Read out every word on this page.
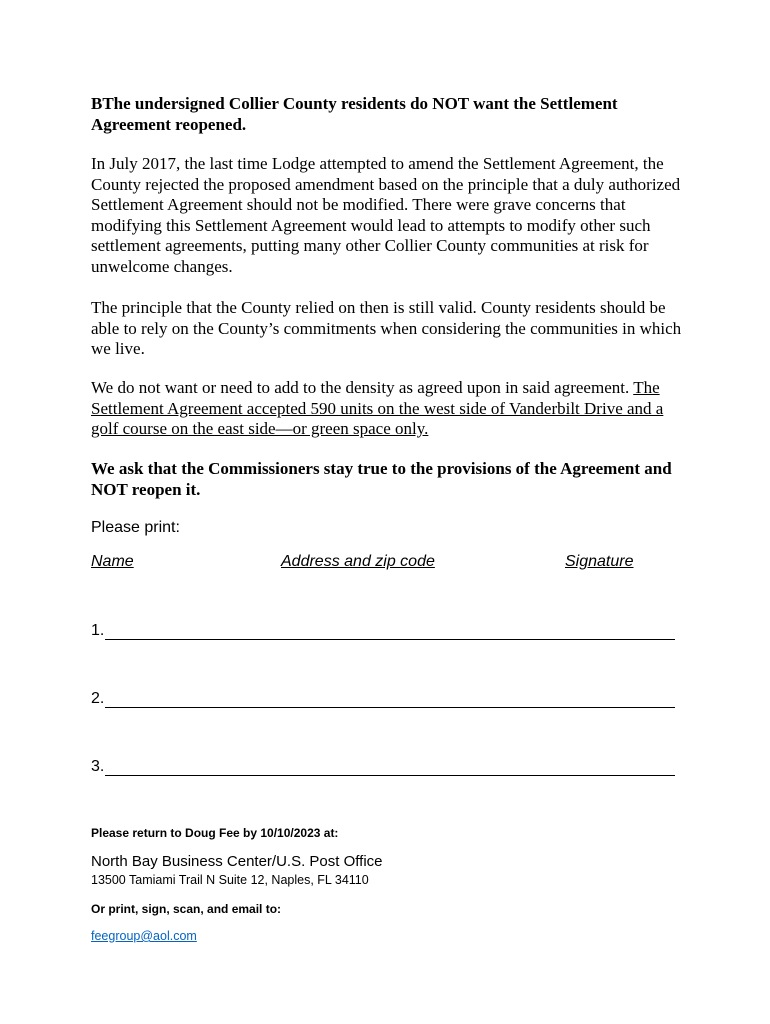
BThe undersigned Collier County residents do NOT want the Settlement Agreement reopened.

In July 2017, the last time Lodge attempted to amend the Settlement Agreement, the County rejected the proposed amendment based on the principle that a duly authorized Settlement Agreement should not be modified. There were grave concerns that modifying this Settlement Agreement would lead to attempts to modify other such settlement agreements, putting many other Collier County communities at risk for unwelcome changes.

The principle that the County relied on then is still valid. County residents should be able to rely on the County’s commitments when considering the communities in which we live.

We do not want or need to add to the density as agreed upon in said agreement. The Settlement Agreement accepted 590 units on the west side of Vanderbilt Drive and a golf course on the east side—or green space only.

We ask that the Commissioners stay true to the provisions of the Agreement and NOT reopen it.
Please print:
Name	Address and zip code	Signature
1.
2.
3.
Please return to Doug Fee by 10/10/2023 at:
North Bay Business Center/U.S. Post Office
13500 Tamiami Trail N Suite 12, Naples, FL 34110
Or print, sign, scan, and email to:
feegroup@aol.com
